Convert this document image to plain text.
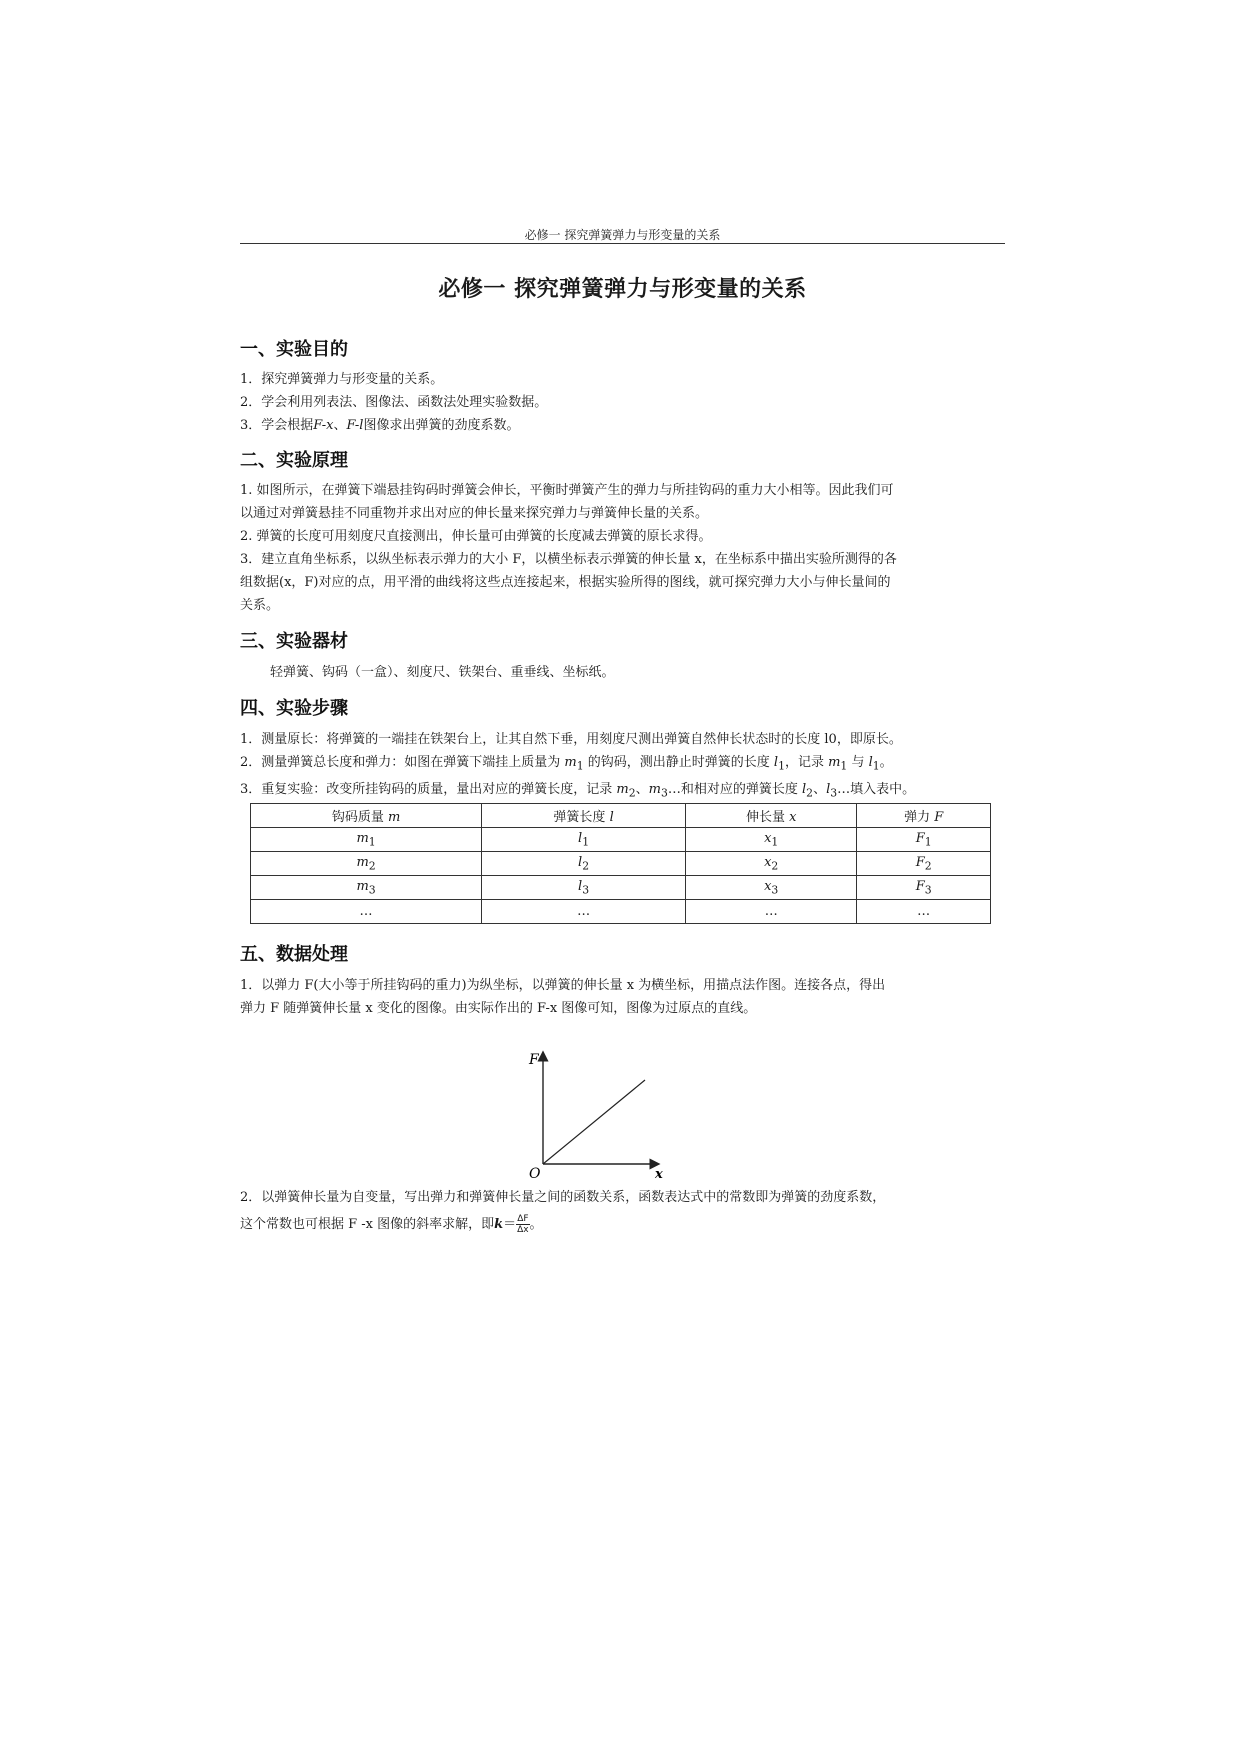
必修一 探究弹簧弹力与形变量的关系
必修一 探究弹簧弹力与形变量的关系
一、实验目的
1．探究弹簧弹力与形变量的关系。
2．学会利用列表法、图像法、函数法处理实验数据。
3．学会根据F-x、F-l图像求出弹簧的劲度系数。
二、实验原理
1. 如图所示，在弹簧下端悬挂钩码时弹簧会伸长，平衡时弹簧产生的弹力与所挂钩码的重力大小相等。因此我们可
以通过对弹簧悬挂不同重物并求出对应的伸长量来探究弹力与弹簧伸长量的关系。
2. 弹簧的长度可用刻度尺直接测出，伸长量可由弹簧的长度减去弹簧的原长求得。
3．建立直角坐标系，以纵坐标表示弹力的大小 F，以横坐标表示弹簧的伸长量 x，在坐标系中描出实验所测得的各
组数据(x，F)对应的点，用平滑的曲线将这些点连接起来，根据实验所得的图线，就可探究弹力大小与伸长量间的
关系。
三、实验器材
轻弹簧、钩码（一盒）、刻度尺、铁架台、重垂线、坐标纸。
四、实验步骤
1．测量原长：将弹簧的一端挂在铁架台上，让其自然下垂，用刻度尺测出弹簧自然伸长状态时的长度 l0，即原长。
2．测量弹簧总长度和弹力：如图在弹簧下端挂上质量为 $m_1$ 的钩码，测出静止时弹簧的长度 $l_1$，记录 $m_1$ 与 $l_1$。
3．重复实验：改变所挂钩码的质量，量出对应的弹簧长度，记录 $m_2$、$m_3\dots$和相对应的弹簧长度 $l_2$、$l_3\dots$填入表中。
钩码质量 m	弹簧长度 l	伸长量 x	弹力 F
$m_1$	$l_1$	$x_1$	$F_1$
$m_2$	$l_2$	$x_2$	$F_2$
$m_3$	$l_3$	$x_3$	$F_3$
…	…	…	…
五、数据处理
1．以弹力 F(大小等于所挂钩码的重力)为纵坐标，以弹簧的伸长量 x 为横坐标，用描点法作图。连接各点，得出
弹力 F 随弹簧伸长量 x 变化的图像。由实际作出的 F-x 图像可知，图像为过原点的直线。
F
x
O
2．以弹簧伸长量为自变量，写出弹力和弹簧伸长量之间的函数关系，函数表达式中的常数即为弹簧的劲度系数，
这个常数也可根据 F -x 图像的斜率求解，即$k= \frac{\Delta F}{\Delta x}$ 。
